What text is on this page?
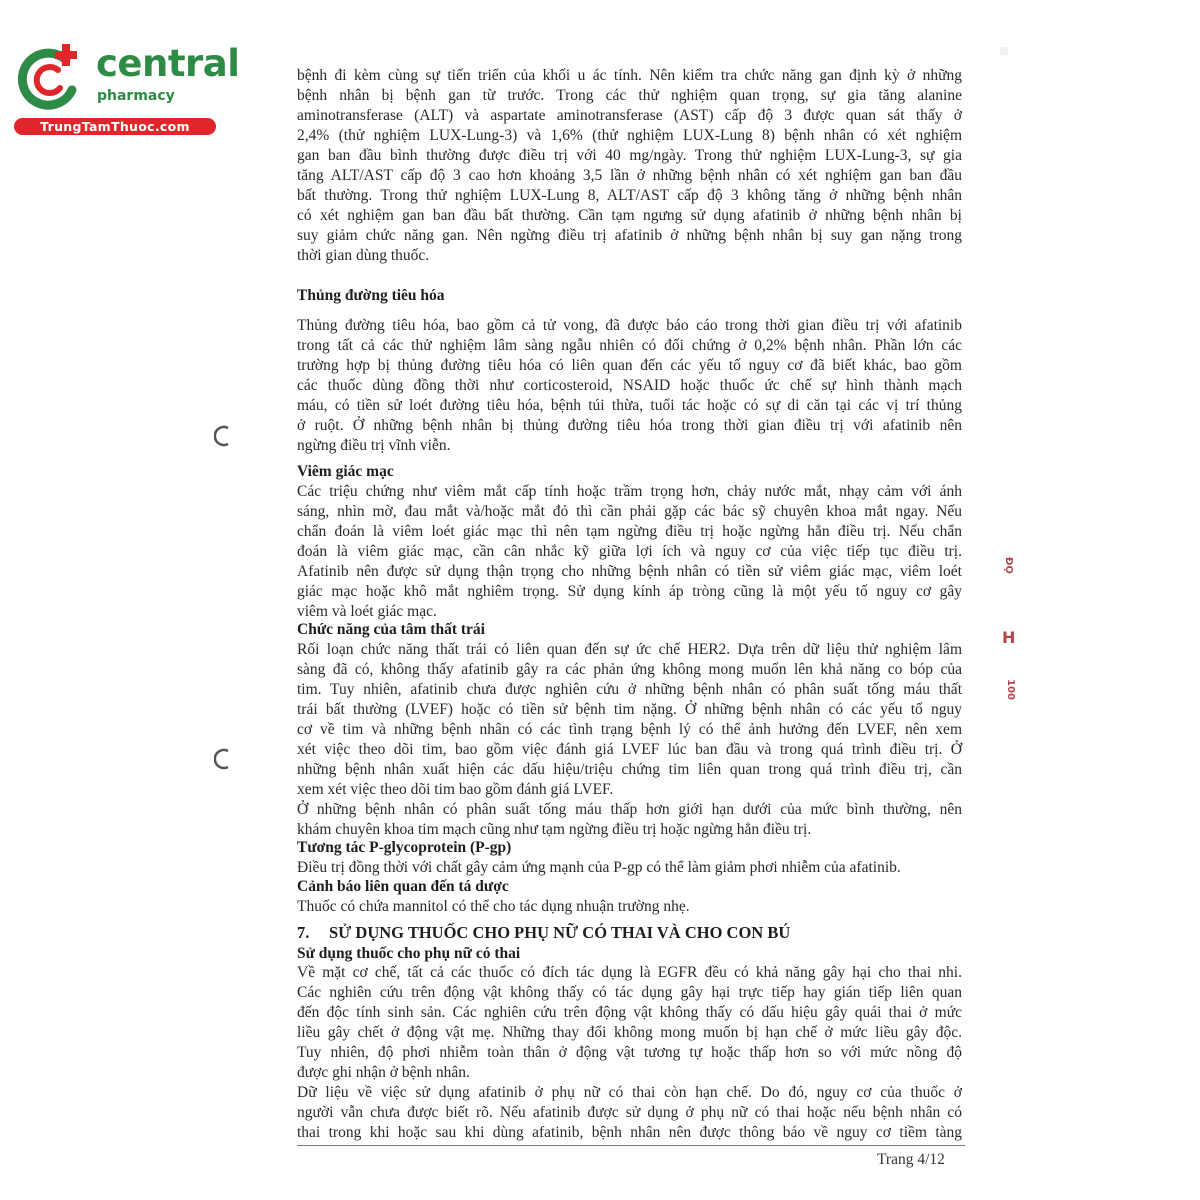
central
pharmacy
TrungTamThuoc.com
ĐỌ
H
100
bệnh đi kèm cùng sự tiến triển của khối u ác tính. Nên kiểm tra chức năng gan định kỳ ở những
bệnh nhân bị bệnh gan từ trước. Trong các thử nghiệm quan trọng, sự gia tăng alanine
aminotransferase (ALT) và aspartate aminotransferase (AST) cấp độ 3 được quan sát thấy ở
2,4% (thử nghiệm LUX-Lung-3) và 1,6% (thử nghiệm LUX-Lung 8) bệnh nhân có xét nghiệm
gan ban đầu bình thường được điều trị với 40 mg/ngày. Trong thử nghiệm LUX-Lung-3, sự gia
tăng ALT/AST cấp độ 3 cao hơn khoảng 3,5 lần ở những bệnh nhân có xét nghiệm gan ban đầu
bất thường. Trong thử nghiệm LUX-Lung 8, ALT/AST cấp độ 3 không tăng ở những bệnh nhân
có xét nghiệm gan ban đầu bất thường. Cần tạm ngưng sử dụng afatinib ở những bệnh nhân bị
suy giảm chức năng gan. Nên ngừng điều trị afatinib ở những bệnh nhân bị suy gan nặng trong
thời gian dùng thuốc.
Thủng đường tiêu hóa
Thủng đường tiêu hóa, bao gồm cả tử vong, đã được báo cáo trong thời gian điều trị với afatinib
trong tất cả các thử nghiệm lâm sàng ngẫu nhiên có đối chứng ở 0,2% bệnh nhân. Phần lớn các
trường hợp bị thủng đường tiêu hóa có liên quan đến các yếu tố nguy cơ đã biết khác, bao gồm
các thuốc dùng đồng thời như corticosteroid, NSAID hoặc thuốc ức chế sự hình thành mạch
máu, có tiền sử loét đường tiêu hóa, bệnh túi thừa, tuổi tác hoặc có sự di căn tại các vị trí thủng
ở ruột. Ở những bệnh nhân bị thủng đường tiêu hóa trong thời gian điều trị với afatinib nên
ngừng điều trị vĩnh viễn.
Viêm giác mạc
Các triệu chứng như viêm mắt cấp tính hoặc trầm trọng hơn, chảy nước mắt, nhạy cảm với ánh
sáng, nhìn mờ, đau mắt và/hoặc mắt đỏ thì cần phải gặp các bác sỹ chuyên khoa mắt ngay. Nếu
chẩn đoán là viêm loét giác mạc thì nên tạm ngừng điều trị hoặc ngừng hẳn điều trị. Nếu chẩn
đoán là viêm giác mạc, cần cân nhắc kỹ giữa lợi ích và nguy cơ của việc tiếp tục điều trị.
Afatinib nên được sử dụng thận trọng cho những bệnh nhân có tiền sử viêm giác mạc, viêm loét
giác mạc hoặc khô mắt nghiêm trọng. Sử dụng kính áp tròng cũng là một yếu tố nguy cơ gây
viêm và loét giác mạc.
Chức năng của tâm thất trái
Rối loạn chức năng thất trái có liên quan đến sự ức chế HER2. Dựa trên dữ liệu thử nghiệm lâm
sàng đã có, không thấy afatinib gây ra các phản ứng không mong muốn lên khả năng co bóp của
tim. Tuy nhiên, afatinib chưa được nghiên cứu ở những bệnh nhân có phân suất tống máu thất
trái bất thường (LVEF) hoặc có tiền sử bệnh tim nặng. Ở những bệnh nhân có các yếu tố nguy
cơ về tim và những bệnh nhân có các tình trạng bệnh lý có thể ảnh hưởng đến LVEF, nên xem
xét việc theo dõi tim, bao gồm việc đánh giá LVEF lúc ban đầu và trong quá trình điều trị. Ở
những bệnh nhân xuất hiện các dấu hiệu/triệu chứng tim liên quan trong quá trình điều trị, cần
xem xét việc theo dõi tim bao gồm đánh giá LVEF.
Ở những bệnh nhân có phân suất tống máu thấp hơn giới hạn dưới của mức bình thường, nên
khám chuyên khoa tim mạch cũng như tạm ngừng điều trị hoặc ngừng hẳn điều trị.
Tương tác P-glycoprotein (P-gp)
Điều trị đồng thời với chất gây cảm ứng mạnh của P-gp có thể làm giảm phơi nhiễm của afatinib.
Cảnh báo liên quan đến tá dược
Thuốc có chứa mannitol có thể cho tác dụng nhuận trường nhẹ.
7. SỬ DỤNG THUỐC CHO PHỤ NỮ CÓ THAI VÀ CHO CON BÚ
Sử dụng thuốc cho phụ nữ có thai
Về mặt cơ chế, tất cả các thuốc có đích tác dụng là EGFR đều có khả năng gây hại cho thai nhi.
Các nghiên cứu trên động vật không thấy có tác dụng gây hại trực tiếp hay gián tiếp liên quan
đến độc tính sinh sản. Các nghiên cứu trên động vật không thấy có dấu hiệu gây quái thai ở mức
liều gây chết ở động vật mẹ. Những thay đổi không mong muốn bị hạn chế ở mức liều gây độc.
Tuy nhiên, độ phơi nhiễm toàn thân ở động vật tương tự hoặc thấp hơn so với mức nồng độ
được ghi nhận ở bệnh nhân.
Dữ liệu về việc sử dụng afatinib ở phụ nữ có thai còn hạn chế. Do đó, nguy cơ của thuốc ở
người vẫn chưa được biết rõ. Nếu afatinib được sử dụng ở phụ nữ có thai hoặc nếu bệnh nhân có
thai trong khi hoặc sau khi dùng afatinib, bệnh nhân nên được thông báo về nguy cơ tiềm tàng
Trang 4/12
